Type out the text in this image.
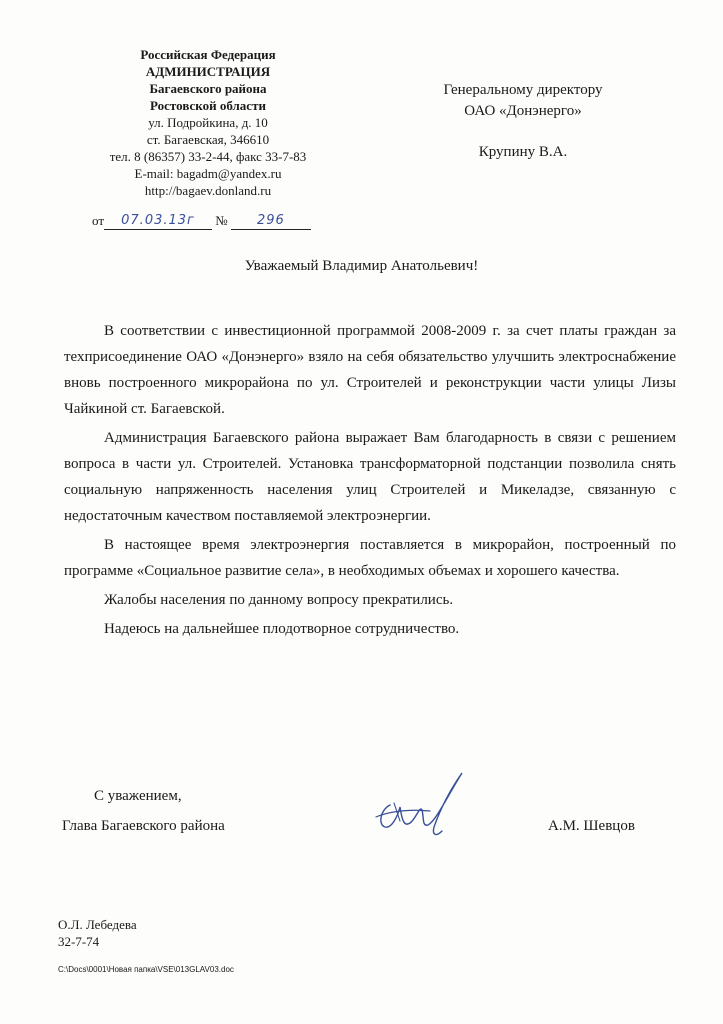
Российская Федерация
АДМИНИСТРАЦИЯ
Багаевского района
Ростовской области
ул. Подройкина, д. 10
ст. Багаевская, 346610
тел. 8 (86357) 33-2-44, факс 33-7-83
E-mail: bagadm@yandex.ru
http://bagaev.donland.ru
от 07.03.13г № 296
Генеральному директору
ОАО «Донэнерго»
Крупину В.А.
Уважаемый Владимир Анатольевич!

В соответствии с инвестиционной программой 2008-2009 г. за счет платы граждан за техприсоединение ОАО «Донэнерго» взяло на себя обязательство улучшить электроснабжение вновь построенного микрорайона по ул. Строителей и реконструкции части улицы Лизы Чайкиной ст. Багаевской.

Администрация Багаевского района выражает Вам благодарность в связи с решением вопроса в части ул. Строителей. Установка трансформаторной подстанции позволила снять социальную напряженность населения улиц Строителей и Микеладзе, связанную с недостаточным качеством поставляемой электроэнергии.

В настоящее время электроэнергия поставляется в микрорайон, построенный по программе «Социальное развитие села», в необходимых объемах и хорошего качества.

Жалобы населения по данному вопросу прекратились.

Надеюсь на дальнейшее плодотворное сотрудничество.

С уважением,
Глава Багаевского района	А.М. Шевцов
О.Л. Лебедева
32-7-74
C:\Docs\0001\Новая папка\VSE\013GLAV03.doc
